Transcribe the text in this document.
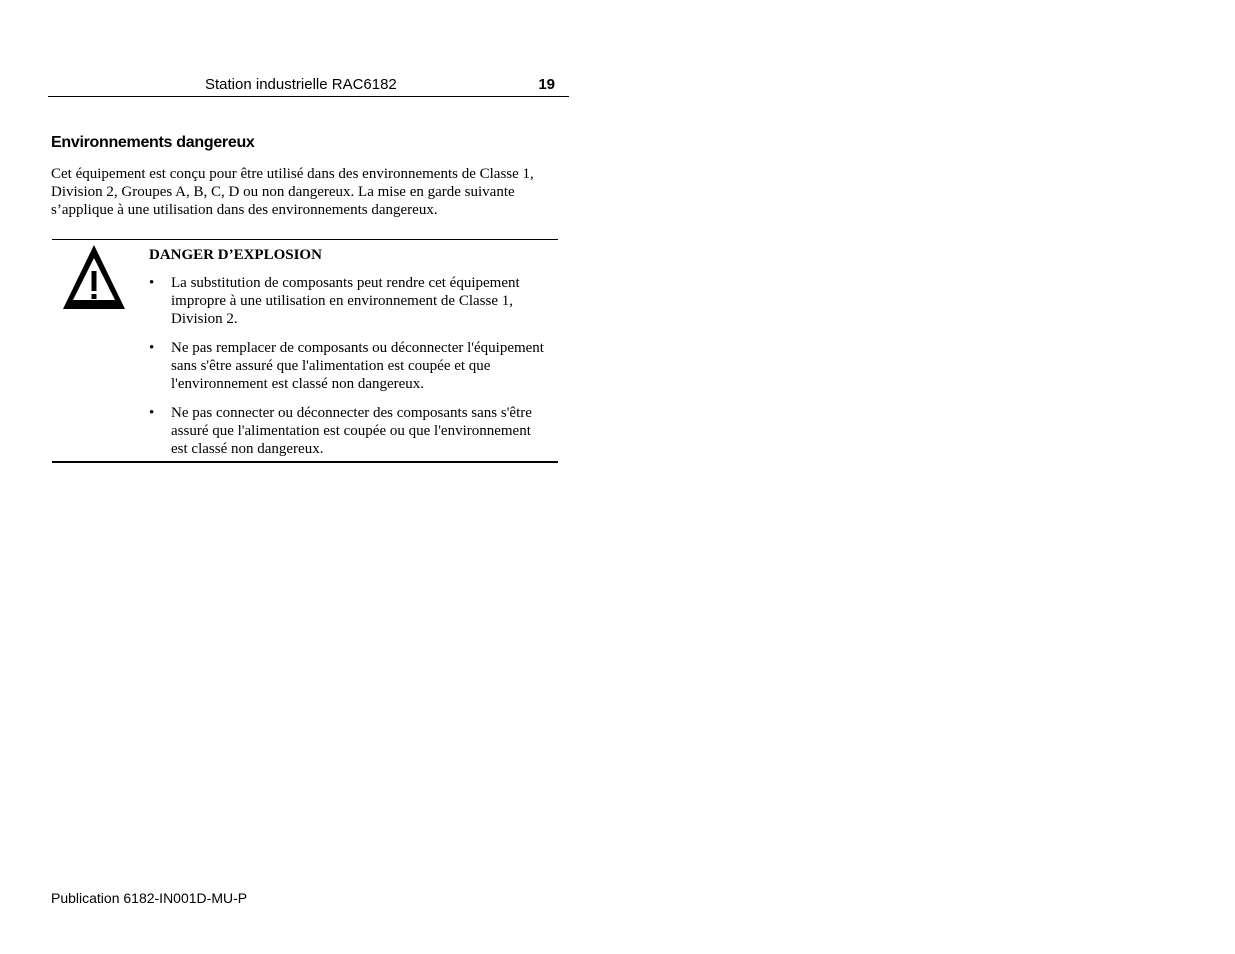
Station industrielle RAC6182	19
Environnements dangereux

Cet équipement est conçu pour être utilisé dans des environnements de Classe 1, Division 2, Groupes A, B, C, D ou non dangereux. La mise en garde suivante s’applique à une utilisation dans des environnements dangereux.

DANGER D’EXPLOSION

• La substitution de composants peut rendre cet équipement impropre à une utilisation en environnement de Classe 1, Division 2.
• Ne pas remplacer de composants ou déconnecter l'équipement sans s'être assuré que l'alimentation est coupée et que l'environnement est classé non dangereux.
• Ne pas connecter ou déconnecter des composants sans s'être assuré que l'alimentation est coupée ou que l'environnement est classé non dangereux.
Publication 6182-IN001D-MU-P
